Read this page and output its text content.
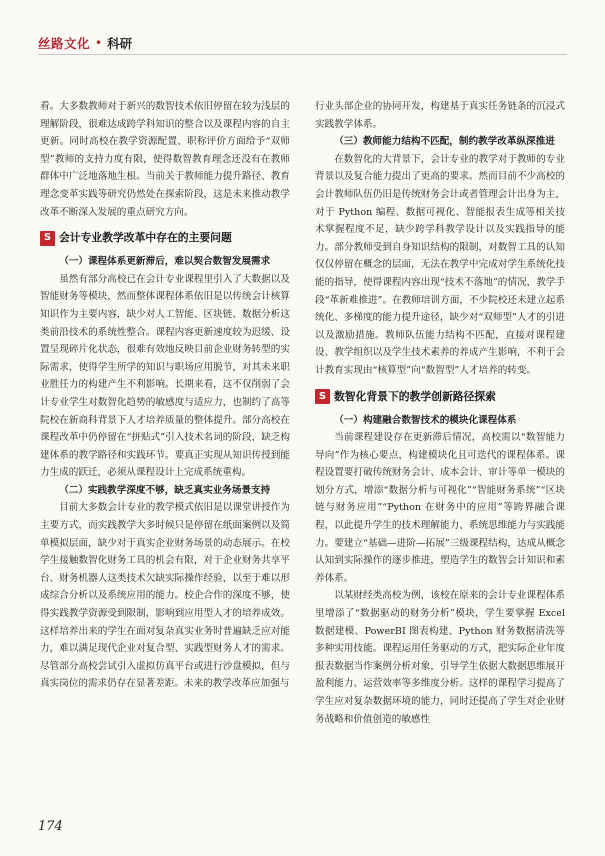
丝路文化 • 科研

看。大多数教师对于新兴的数智技术依旧停留在较为浅层的理解阶段，很难达成跨学科知识的整合以及课程内容的自主更新。同时高校在教学资源配置、职称评价方面给予“双师型”教师的支持力度有限，使得数智教育理念还没有在教师群体中广泛地落地生根。当前关于教师能力提升路径、教育理念变革实践等研究仍然处在探索阶段，这是未来推动教学改革不断深入发展的重点研究方向。

S 会计专业教学改革中存在的主要问题

（一）课程体系更新滞后，难以契合数智发展需求

虽然有部分高校已在会计专业课程里引入了大数据以及智能财务等模块，然而整体课程体系依旧是以传统会计核算知识作为主要内容，缺少对人工智能、区块链、数据分析这类前沿技术的系统性整合。课程内容更新速度较为迟缓、设置呈现碎片化状态，很难有效地反映目前企业财务转型的实际需求，使得学生所学的知识与职场应用脱节，对其未来职业胜任力的构建产生不利影响。长期来看，这不仅削弱了会计专业学生对数智化趋势的敏感度与适应力，也制约了高等院校在新商科背景下人才培养质量的整体提升。部分高校在课程改革中仍停留在“拼贴式”引入技术名词的阶段，缺乏构建体系的教学路径和实践环节。要真正实现从知识传授到能力生成的跃迁，必须从课程设计上完成系统重构。

（二）实践教学深度不够，缺乏真实业务场景支持

目前大多数会计专业的教学模式依旧是以课堂讲授作为主要方式，而实践教学大多时候只是停留在纸面案例以及简单模拟层面，缺少对于真实企业财务场景的动态展示。在校学生接触数智化财务工具的机会有限，对于企业财务共享平台、财务机器人这类技术欠缺实际操作经验，以至于难以形成综合分析以及系统应用的能力。校企合作的深度不够，使得实践教学资源受到限制，影响到应用型人才的培养成效。这样培养出来的学生在面对复杂真实业务时普遍缺乏应对能力，难以满足现代企业对复合型、实践型财务人才的需求。尽管部分高校尝试引入虚拟仿真平台或进行沙盘模拟，但与真实岗位的需求仍存在显著差距。未来的教学改革应加强与

行业头部企业的协同开发，构建基于真实任务链条的沉浸式实践教学体系。

（三）教师能力结构不匹配，制约教学改革纵深推进

在数智化的大背景下，会计专业的教学对于教师的专业背景以及复合能力提出了更高的要求。然而目前不少高校的会计教师队伍仍旧是传统财务会计或者管理会计出身为主，对于 Python 编程、数据可视化、智能报表生成等相关技术掌握程度不足，缺少跨学科教学设计以及实践指导的能力。部分教师受到自身知识结构的限制，对数智工具的认知仅仅停留在概念的层面，无法在教学中完成对学生系统化技能的指导，使得课程内容出现“技术不落地”的情况，教学手段“革新难推进”。在教师培训方面，不少院校还未建立起系统化、多梯度的能力提升途径，缺少对“双师型”人才的引进以及激励措施。教师队伍能力结构不匹配，直接对课程建设、教学组织以及学生技术素养的养成产生影响，不利于会计教育实现由“核算型”向“数智型”人才培养的转变。

S 数智化背景下的教学创新路径探索

（一）构建融合数智技术的模块化课程体系

当前课程建设存在更新滞后情况，高校需以“数智能力导向”作为核心要点，构建模块化且可迭代的课程体系。课程设置要打破传统财务会计、成本会计、审计等单一模块的划分方式，增添“数据分析与可视化”“智能财务系统”“区块链与财务应用”“Python 在财务中的应用”等跨界融合课程，以此提升学生的技术理解能力、系统思维能力与实践能力。要建立“基础—进阶—拓展”三级课程结构，达成从概念认知到实际操作的逐步推进，塑造学生的数智会计知识和素养体系。

以某财经类高校为例，该校在原来的会计专业课程体系里增添了“数据驱动的财务分析”模块，学生要掌握 Excel 数据建模、PowerBI 图表构建、Python 财务数据清洗等多种实用技能。课程运用任务驱动的方式，把实际企业年度报表数据当作案例分析对象，引导学生依据大数据思维展开盈利能力、运营效率等多维度分析。这样的课程学习提高了学生应对复杂数据环境的能力，同时还提高了学生对企业财务战略和价值创造的敏感性

174
